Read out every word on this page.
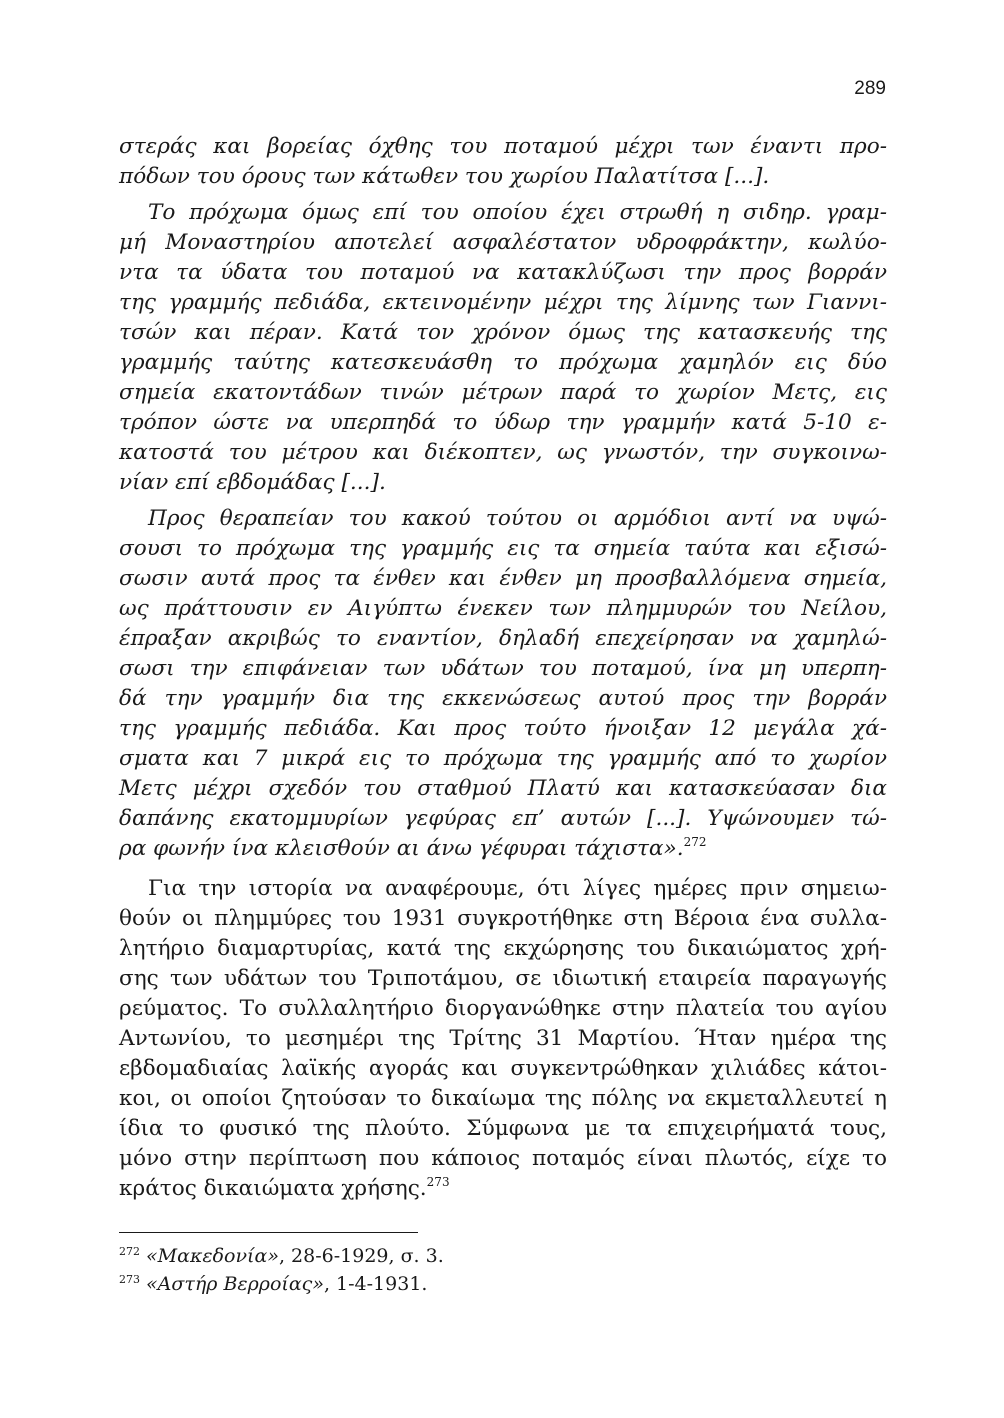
289
στεράς και βορείας όχθης του ποταμού μέχρι των έναντι προ-
πόδων του όρους των κάτωθεν του χωρίου Παλατίτσα [...].
Το πρόχωμα όμως επί του οποίου έχει στρωθή η σιδηρ. γραμ-
μή Μοναστηρίου αποτελεί ασφαλέστατον υδροφράκτην, κωλύο-
ντα τα ύδατα του ποταμού να κατακλύζωσι την προς βορράν
της γραμμής πεδιάδα, εκτεινομένην μέχρι της λίμνης των Γιαννι-
τσών και πέραν. Κατά τον χρόνον όμως της κατασκευής της
γραμμής ταύτης κατεσκευάσθη το πρόχωμα χαμηλόν εις δύο
σημεία εκατοντάδων τινών μέτρων παρά το χωρίον Μετς, εις
τρόπον ώστε να υπερπηδά το ύδωρ την γραμμήν κατά 5-10 ε-
κατοστά του μέτρου και διέκοπτεν, ως γνωστόν, την συγκοινω-
νίαν επί εβδομάδας [...].
Προς θεραπείαν του κακού τούτου οι αρμόδιοι αντί να υψώ-
σουσι το πρόχωμα της γραμμής εις τα σημεία ταύτα και εξισώ-
σωσιν αυτά προς τα ένθεν και ένθεν μη προσβαλλόμενα σημεία,
ως πράττουσιν εν Αιγύπτω ένεκεν των πλημμυρών του Νείλου,
έπραξαν ακριβώς το εναντίον, δηλαδή επεχείρησαν να χαμηλώ-
σωσι την επιφάνειαν των υδάτων του ποταμού, ίνα μη υπερπη-
δά την γραμμήν δια της εκκενώσεως αυτού προς την βορράν
της γραμμής πεδιάδα. Και προς τούτο ήνοιξαν 12 μεγάλα χά-
σματα και 7 μικρά εις το πρόχωμα της γραμμής από το χωρίον
Μετς μέχρι σχεδόν του σταθμού Πλατύ και κατασκεύασαν δια
δαπάνης εκατομμυρίων γεφύρας επ’ αυτών [...]. Υψώνουμεν τώ-
ρα φωνήν ίνα κλεισθούν αι άνω γέφυραι τάχιστα».$^{272}$
Για την ιστορία να αναφέρουμε, ότι λίγες ημέρες πριν σημειω-
θούν οι πλημμύρες του 1931 συγκροτήθηκε στη Βέροια ένα συλλα-
λητήριο διαμαρτυρίας, κατά της εκχώρησης του δικαιώματος χρή-
σης των υδάτων του Τριποτάμου, σε ιδιωτική εταιρεία παραγωγής
ρεύματος. Το συλλαλητήριο διοργανώθηκε στην πλατεία του αγίου
Αντωνίου, το μεσημέρι της Τρίτης 31 Μαρτίου. Ήταν ημέρα της
εβδομαδιαίας λαϊκής αγοράς και συγκεντρώθηκαν χιλιάδες κάτοι-
κοι, οι οποίοι ζητούσαν το δικαίωμα της πόλης να εκμεταλλευτεί η
ίδια το φυσικό της πλούτο. Σύμφωνα με τα επιχειρήματά τους,
μόνο στην περίπτωση που κάποιος ποταμός είναι πλωτός, είχε το
κράτος δικαιώματα χρήσης.$^{273}$
$^{272}$ «Μακεδονία», 28-6-1929, σ. 3.
$^{273}$ «Αστήρ Βερροίας», 1-4-1931.
